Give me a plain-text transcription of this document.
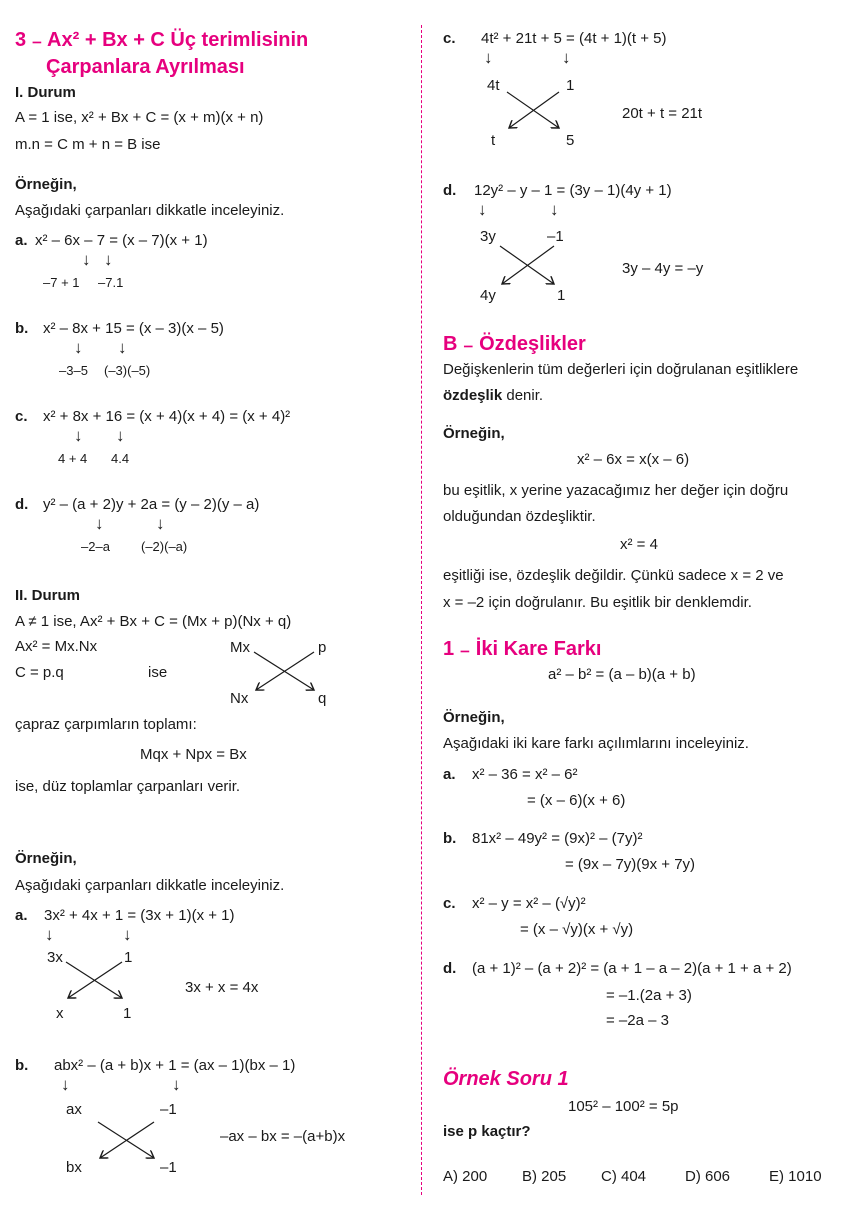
3 ₋ Ax² + Bx + C Üç terimlisinin
Çarpanlara Ayrılması
I. Durum
A = 1 ise, x² + Bx + C = (x + m)(x + n)
m.n = C m + n = B ise
Örneğin,
Aşağıdaki çarpanları dikkatle inceleyiniz.
a. x² – 6x – 7 = (x – 7)(x + 1)
↓ ↓
–7 + 1 –7.1
b. x² – 8x + 15 = (x – 3)(x – 5)
↓ ↓
–3–5 (–3)(–5)
c. x² + 8x + 16 = (x + 4)(x + 4) = (x + 4)²
↓ ↓
4 + 4 4.4
d. y² – (a + 2)y + 2a = (y – 2)(y – a)
↓	↓
–2–a (–2)(–a)
II. Durum
A ≠ 1 ise, Ax² + Bx + C = (Mx + p)(Nx + q)
Ax² = Mx.Nx
C = p.q	ise
Mx	p
Nx	q
çapraz çarpımların toplamı:
Mqx + Npx = Bx
ise, düz toplamlar çarpanları verir.
Örneğin,
Aşağıdaki çarpanları dikkatle inceleyiniz.
a. 3x² + 4x + 1 = (3x + 1)(x + 1)
↓	↓
3x	1
x	1
3x + x = 4x
b. abx² – (a + b)x + 1 = (ax – 1)(bx – 1)
↓	↓
ax	–1
bx	–1
–ax – bx = –(a+b)x
c. 4t² + 21t + 5 = (4t + 1)(t + 5)
↓	↓
4t	1
t	5
20t + t = 21t
d. 12y² – y – 1 = (3y – 1)(4y + 1)
↓	↓
3y	–1
4y	1
3y – 4y = –y
B ₋ Özdeşlikler
Değişkenlerin tüm değerleri için doğrulanan eşitliklere
özdeşlik denir.
Örneğin,
x² – 6x = x(x – 6)
bu eşitlik, x yerine yazacağımız her değer için doğru
olduğundan özdeşliktir.
x² = 4
eşitliği ise, özdeşlik değildir. Çünkü sadece x = 2 ve
x = –2 için doğrulanır. Bu eşitlik bir denklemdir.
1 ₋ İki Kare Farkı
a² – b² = (a – b)(a + b)
Örneğin,
Aşağıdaki iki kare farkı açılımlarını inceleyiniz.
a. x² – 36 = x² – 6²
= (x – 6)(x + 6)
b. 81x² – 49y² = (9x)² – (7y)²
= (9x – 7y)(9x + 7y)
c. x² – y = x² – (√y)²
= (x – √y)(x + √y)
d. (a + 1)² – (a + 2)² = (a + 1 – a – 2)(a + 1 + a + 2)
= –1.(2a + 3)
= –2a – 3
Örnek Soru 1
105² – 100² = 5p
ise p kaçtır?
A) 200 B) 205 C) 404	D) 606	E) 1010
